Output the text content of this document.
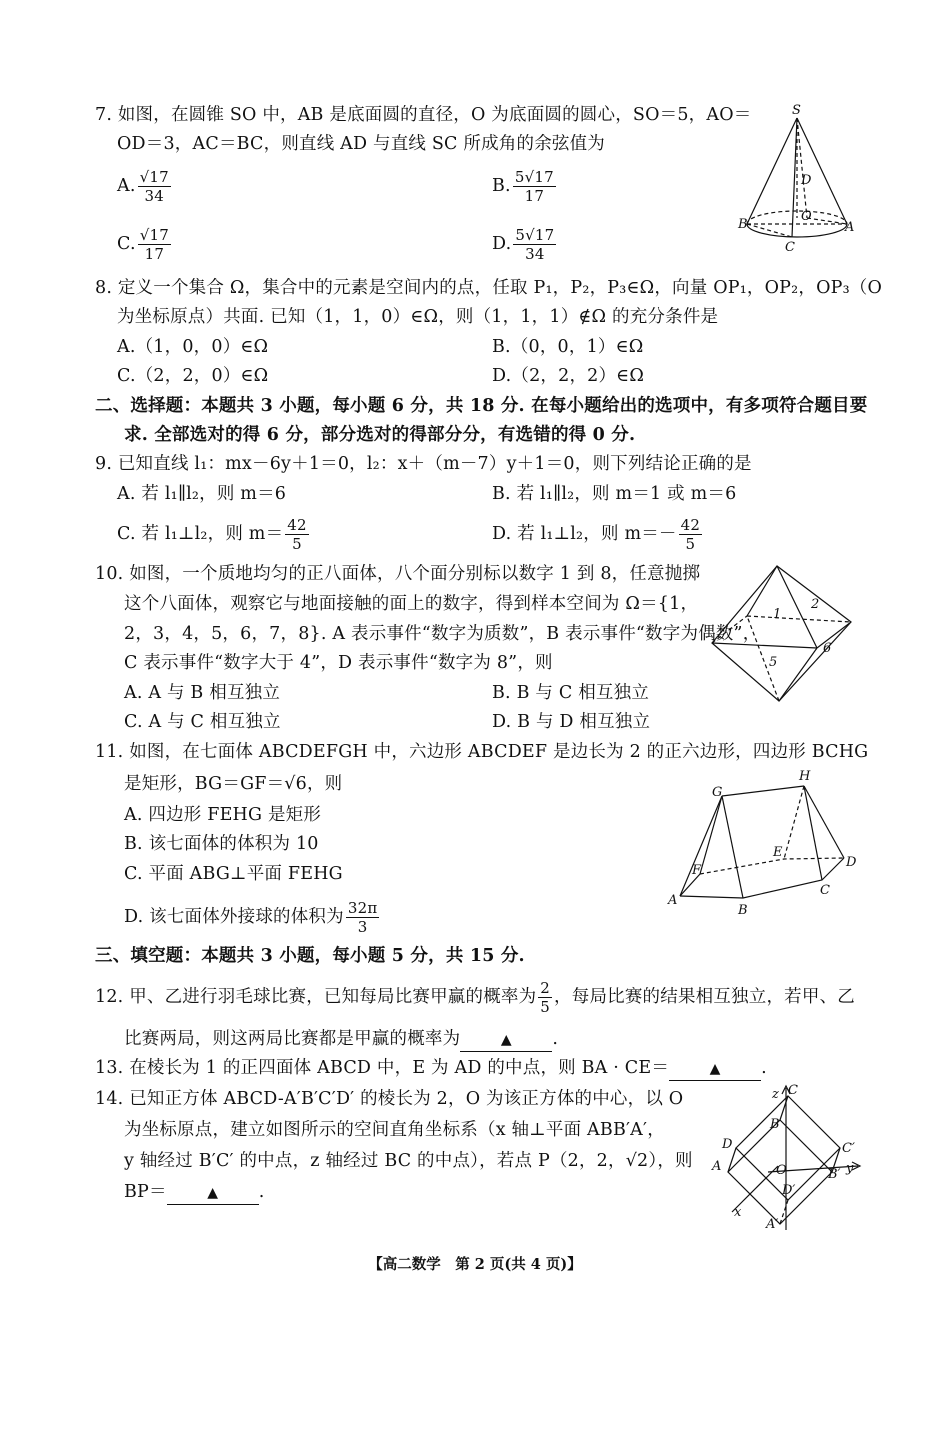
7. 如图，在圆锥 SO 中，AB 是底面圆的直径，O 为底面圆的圆心，SO＝5，AO＝
OD＝3，AC＝BC，则直线 AD 与直线 SC 所成角的余弦值为
A. $\frac{√17}{34}$	B. $\frac{5√17}{17}$
C. $\frac{√17}{17}$	D. $\frac{5√17}{34}$
S
D
B
O
A
C
8. 定义一个集合 Ω，集合中的元素是空间内的点，任取 P₁，P₂，P₃∈Ω，向量 OP₁，OP₂，OP₃（O
为坐标原点）共面. 已知（1，1，0）∈Ω，则（1，1，1）∉Ω 的充分条件是
A.（1，0，0）∈Ω	B.（0，0，1）∈Ω
C.（2，2，0）∈Ω	D.（2，2，2）∈Ω
二、选择题：本题共 3 小题，每小题 6 分，共 18 分. 在每小题给出的选项中，有多项符合题目要
求. 全部选对的得 6 分，部分选对的得部分分，有选错的得 0 分.
9. 已知直线 l₁：mx－6y＋1＝0，l₂：x＋（m－7）y＋1＝0，则下列结论正确的是
A. 若 l₁∥l₂，则 m＝6	B. 若 l₁∥l₂，则 m＝1 或 m＝6
C. 若 l₁⊥l₂，则 $m= \frac{42}{5}$	D. 若 l₁⊥l₂，则 $m=- \frac{42}{5}$
10. 如图，一个质地均匀的正八面体，八个面分别标以数字 1 到 8，任意抛掷
这个八面体，观察它与地面接触的面上的数字，得到样本空间为 Ω＝{1，
2，3，4，5，6，7，8}. A 表示事件“数字为质数”，B 表示事件“数字为偶数”，
C 表示事件“数字大于 4”，D 表示事件“数字为 8”，则
A. A 与 B 相互独立	B. B 与 C 相互独立
C. A 与 C 相互独立	D. B 与 D 相互独立
1
2
5
6
11. 如图，在七面体 ABCDEFGH 中，六边形 ABCDEF 是边长为 2 的正六边形，四边形 BCHG
是矩形，BG＝GF＝√6，则
A. 四边形 FEHG 是矩形
B. 该七面体的体积为 10
C. 平面 ABG⊥平面 FEHG
D. 该七面体外接球的体积为 $\frac{32\pi}{3}$
G
H
F
E
D
A
B
C
三、填空题：本题共 3 小题，每小题 5 分，共 15 分.
12. 甲、乙进行羽毛球比赛，已知每局比赛甲赢的概率为 $\frac{2}{5}$ ，每局比赛的结果相互独立，若甲、乙
比赛两局，则这两局比赛都是甲赢的概率为	▲ .
13. 在棱长为 1 的正四面体 ABCD 中，E 为 AD 的中点，则 BA · CE＝	▲ .
14. 已知正方体 ABCD-A′B′C′D′ 的棱长为 2，O 为该正方体的中心，以 O
为坐标原点，建立如图所示的空间直角坐标系（x 轴⊥平面 ABB′A′，
y 轴经过 B′C′ 的中点，z 轴经过 BC 的中点），若点 P（2，2，√2），则
BP＝	▲ .
z C
B
D	C′
A	O	B′ y
D′
x
A′
【高二数学　第 2 页(共 4 页)】
